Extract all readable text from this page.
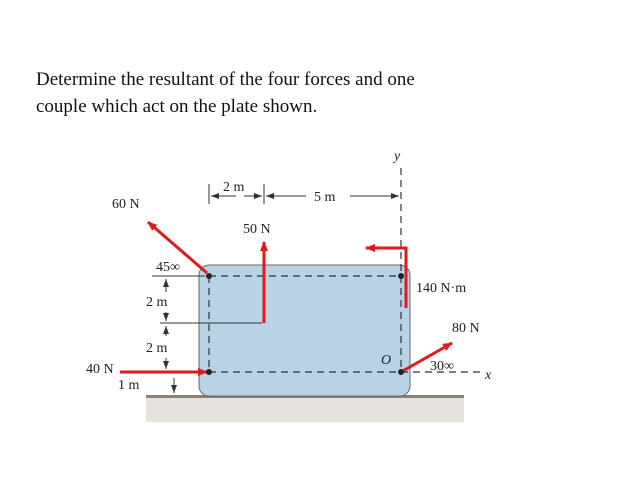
Determine the resultant of the four forces and one
couple which act on the plate shown.
60 N
45∞
2 m
5 m
50 N
y
140 N·m
80 N
30∞
x
O
2 m
2 m
40 N
1 m
